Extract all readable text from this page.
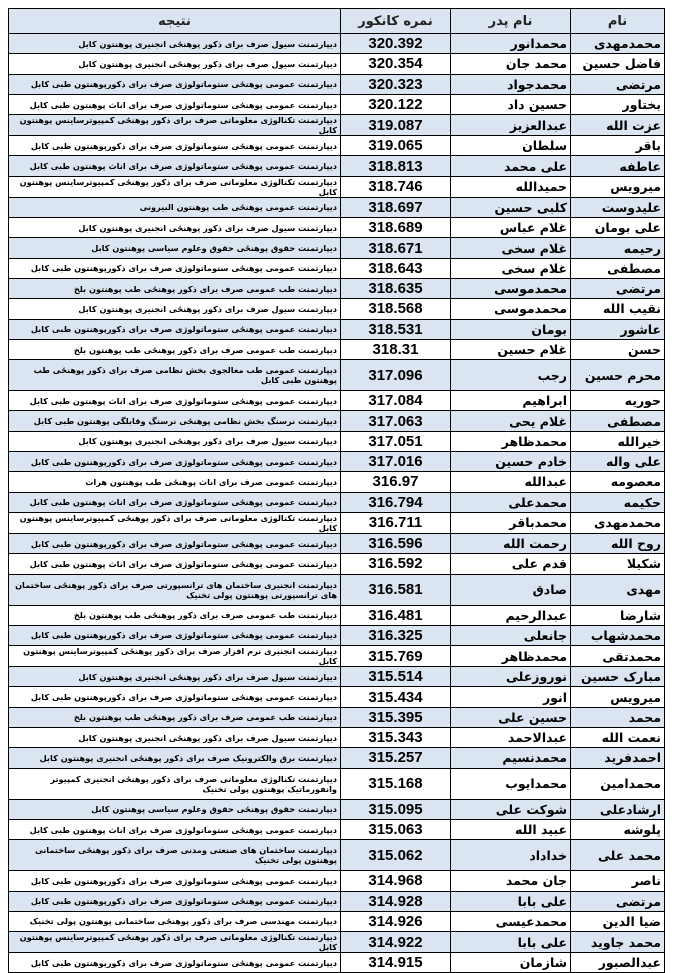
نام	نام پدر	نمره کانکور	نتیجه
محمدمهدی	محمدانور	320.392	دیپارتمنت سیول صرف برای ذکور پوهنځی انجنیری پوهنتون کابل
فاضل حسین	محمد جان	320.354	دیپارتمنت سیول صرف برای ذکور پوهنځی انجنیری پوهنتون کابل
مرتضی	محمدجواد	320.323	دیپارتمنت عمومی پوهنځی ستوماتولوژی صرف برای ذکورپوهنتون طبی کابل
بختاور	حسین داد	320.122	دیپارتمنت عمومی پوهنځی ستوماتولوژی صرف برای اناث پوهنتون طبی کابل
عزت الله	عبدالعزیز	319.087	دیپارتمنت تکنالوژی معلوماتی صرف برای ذکور پوهنځی کمپیوترساینس پوهنتون کابل
باقر	سلطان	319.065	دیپارتمنت عمومی پوهنځی ستوماتولوژی صرف برای ذکورپوهنتون طبی کابل
عاطفه	علی محمد	318.813	دیپارتمنت عمومی پوهنځی ستوماتولوژی صرف برای اناث پوهنتون طبی کابل
میرویس	حمیدالله	318.746	دیپارتمنت تکنالوژی معلوماتی صرف برای ذکور پوهنځی کمپیوترساینس پوهنتون کابل
علیدوست	کلبی حسین	318.697	دیپارتمنت عمومی پوهنځی طب پوهنتون البیرونی
علی بومان	غلام عباس	318.689	دیپارتمنت سیول صرف برای ذکور پوهنځی انجنیری پوهنتون کابل
رحیمه	غلام سخی	318.671	دیپارتمنت حقوق پوهنځی حقوق وعلوم سیاسی پوهنتون کابل
مصطفی	غلام سخی	318.643	دیپارتمنت عمومی پوهنځی ستوماتولوژی صرف برای ذکورپوهنتون طبی کابل
مرتضی	محمدموسی	318.635	دیپارتمنت طب عمومی صرف برای ذکور پوهنځی طب پوهنتون بلخ
نقیب الله	محمدموسی	318.568	دیپارتمنت سیول صرف برای ذکور پوهنځی انجنیری پوهنتون کابل
عاشور	بومان	318.531	دیپارتمنت عمومی پوهنځی ستوماتولوژی صرف برای ذکورپوهنتون طبی کابل
حسن	غلام حسین	318.31	دیپارتمنت طب عمومی صرف برای ذکور پوهنځی طب پوهنتون بلخ
محرم حسین	رجب	317.096	دیپارتمنت عمومی طب معالجوی بخش نظامی صرف برای ذکور پوهنځی طب پوهنتون طبی کابل
حوریه	ابراهیم	317.084	دیپارتمنت عمومی پوهنځی ستوماتولوژی صرف برای اناث پوهنتون طبی کابل
مصطفی	غلام یحی	317.063	دیپارتمنت نرسنگ بخش نظامی پوهنځی نرسنگ وقابلگی پوهنتون طبی کابل
خیرالله	محمدظاهر	317.051	دیپارتمنت سیول صرف برای ذکور پوهنځی انجنیری پوهنتون کابل
علی واله	خادم حسین	317.016	دیپارتمنت عمومی پوهنځی ستوماتولوژی صرف برای ذکورپوهنتون طبی کابل
معصومه	عبدالله	316.97	دیپارتمنت عمومی صرف برای اناث پوهنځی طب پوهنتون هرات
حکیمه	محمدعلی	316.794	دیپارتمنت عمومی پوهنځی ستوماتولوژی صرف برای اناث پوهنتون طبی کابل
محمدمهدی	محمدباقر	316.711	دیپارتمنت تکنالوژی معلوماتی صرف برای ذکور پوهنځی کمپیوترساینس پوهنتون کابل
روح الله	رحمت الله	316.596	دیپارتمنت عمومی پوهنځی ستوماتولوژی صرف برای ذکورپوهنتون طبی کابل
شکیلا	قدم علی	316.592	دیپارتمنت عمومی پوهنځی ستوماتولوژی صرف برای اناث پوهنتون طبی کابل
مهدی	صادق	316.581	دیپارتمنت انجنیری ساختمان های ترانسپورتی صرف برای ذکور پوهنځی ساختمان های ترانسپورتی پوهنتون پولی تخنیک
شارضا	عبدالرحیم	316.481	دیپارتمنت طب عمومی صرف برای ذکور پوهنځی طب پوهنتون بلخ
محمدشهاب	جانعلی	316.325	دیپارتمنت عمومی پوهنځی ستوماتولوژی صرف برای ذکورپوهنتون طبی کابل
محمدتقی	محمدظاهر	315.769	دیپارتمنت انجنیری نرم افزار صرف برای ذکور پوهنځی کمپیوترساینس پوهنتون کابل
مبارک حسین	نوروزعلی	315.514	دیپارتمنت سیول صرف برای ذکور پوهنځی انجنیری پوهنتون کابل
میرویس	انور	315.434	دیپارتمنت عمومی پوهنځی ستوماتولوژی صرف برای ذکورپوهنتون طبی کابل
محمد	حسین علی	315.395	دیپارتمنت طب عمومی صرف برای ذکور پوهنځی طب پوهنتون بلخ
نعمت الله	عبدالاحمد	315.343	دیپارتمنت سیول صرف برای ذکور پوهنځی انجنیری پوهنتون کابل
احمدفرید	محمدنسیم	315.257	دیپارتمنت برق والکترونیک صرف برای ذکور پوهنځی انجنیری پوهنتون کابل
محمدامین	محمدایوب	315.168	دیپارتمنت تکنالوژی معلوماتی صرف برای ذکور پوهنځی انجنیری کمپیوتر وانفورماتیک پوهنتون پولی تخنیک
ارشادعلی	شوکت علی	315.095	دیپارتمنت حقوق پوهنځی حقوق وعلوم سیاسی پوهنتون کابل
پلوشه	عبید الله	315.063	دیپارتمنت عمومی پوهنځی ستوماتولوژی صرف برای اناث پوهنتون طبی کابل
محمد علی	خداداد	315.062	دیپارتمنت ساختمان های صنعتی ومدنی صرف برای ذکور پوهنځی ساختمانی پوهنتون پولی تخنیک
ناصر	جان محمد	314.968	دیپارتمنت عمومی پوهنځی ستوماتولوژی صرف برای ذکورپوهنتون طبی کابل
مرتضی	علی بابا	314.928	دیپارتمنت عمومی پوهنځی ستوماتولوژی صرف برای ذکورپوهنتون طبی کابل
ضیا الدین	محمدعیسی	314.926	دیپارتمنت مهندسی صرف برای ذکور پوهنځی ساختمانی پوهنتون پولی تخنیک
محمد جاوید	علی بابا	314.922	دیپارتمنت تکنالوژی معلوماتی صرف برای ذکور پوهنځی کمپیوترساینس پوهنتون کابل
عبدالصبور	شازمان	314.915	دیپارتمنت عمومی پوهنځی ستوماتولوژی صرف برای ذکورپوهنتون طبی کابل
